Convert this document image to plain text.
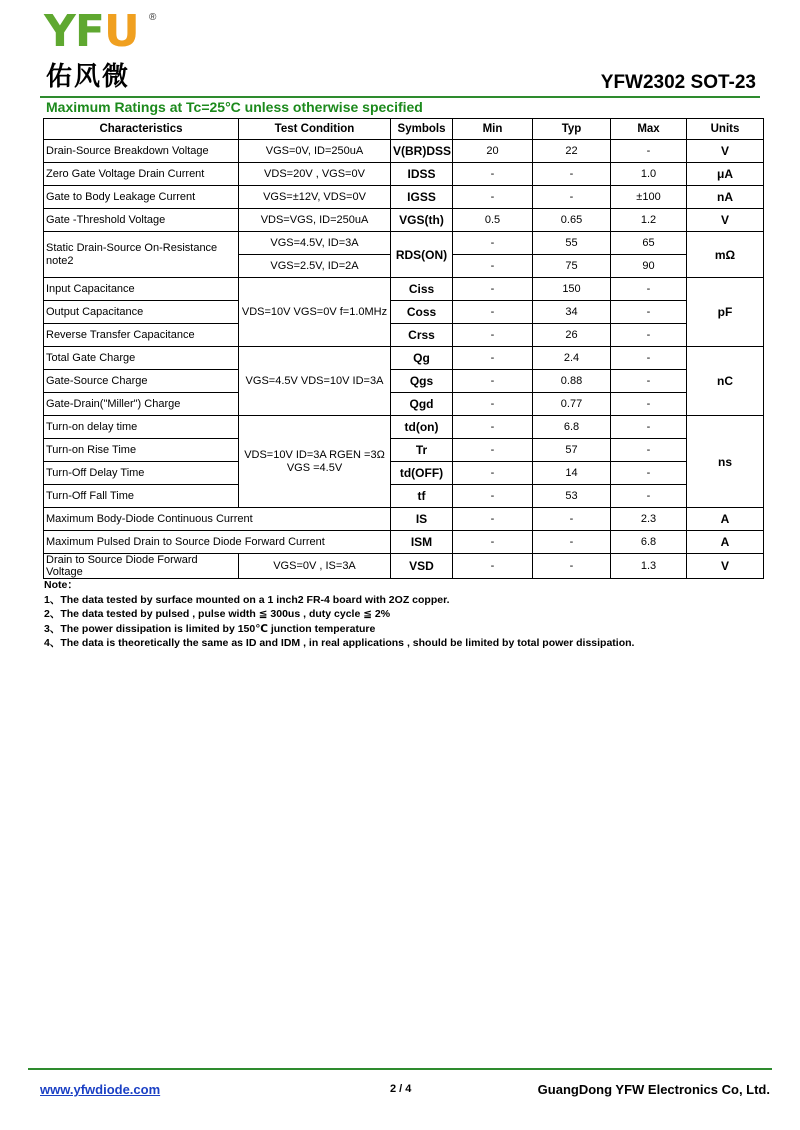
YFU ®
佑风微	YFW2302 SOT-23
Maximum Ratings at Tc=25°C unless otherwise specified
Characteristics	Test Condition	Symbols	Min	Typ	Max	Units
Drain-Source Breakdown Voltage	VGS=0V, ID=250uA	V(BR)DSS	20	22	-	V
Zero Gate Voltage Drain Current	VDS=20V , VGS=0V	IDSS	-	-	1.0	μA
Gate to Body Leakage Current	VGS=±12V, VDS=0V	IGSS	-	-	±100	nA
Gate -Threshold Voltage	VDS=VGS, ID=250uA	VGS(th)	0.5	0.65	1.2	V
Static Drain-Source On-Resistance note2	VGS=4.5V, ID=3A	RDS(ON)	-	55	65	mΩ
	VGS=2.5V, ID=2A		-	75	90	
Input Capacitance	VDS=10V VGS=0V f=1.0MHz	Ciss	-	150	-	pF
Output Capacitance		Coss	-	34	-	
Reverse Transfer Capacitance		Crss	-	26	-	
Total Gate Charge	VGS=4.5V VDS=10V ID=3A	Qg	-	2.4	-	nC
Gate-Source Charge		Qgs	-	0.88	-	
Gate-Drain("Miller") Charge		Qgd	-	0.77	-	
Turn-on delay time	VDS=10V ID=3A RGEN =3Ω VGS =4.5V	td(on)	-	6.8	-	ns
Turn-on Rise Time		Tr	-	57	-	
Turn-Off Delay Time		td(OFF)	-	14	-	
Turn-Off Fall Time		tf	-	53	-	
Maximum Body-Diode Continuous Current		IS	-	-	2.3	A
Maximum Pulsed Drain to Source Diode Forward Current		ISM	-	-	6.8	A
Drain to Source Diode Forward Voltage	VGS=0V , IS=3A	VSD	-	-	1.3	V
Note：
1、The data tested by surface mounted on a 1 inch2 FR-4 board with 2OZ copper.
2、The data tested by pulsed , pulse width ≦ 300us , duty cycle ≦ 2%
3、The power dissipation is limited by 150℃ junction temperature
4、The data is theoretically the same as ID and IDM , in real applications , should be limited by total power dissipation.
www.yfwdiode.com	2 / 4	GuangDong YFW Electronics Co, Ltd.
